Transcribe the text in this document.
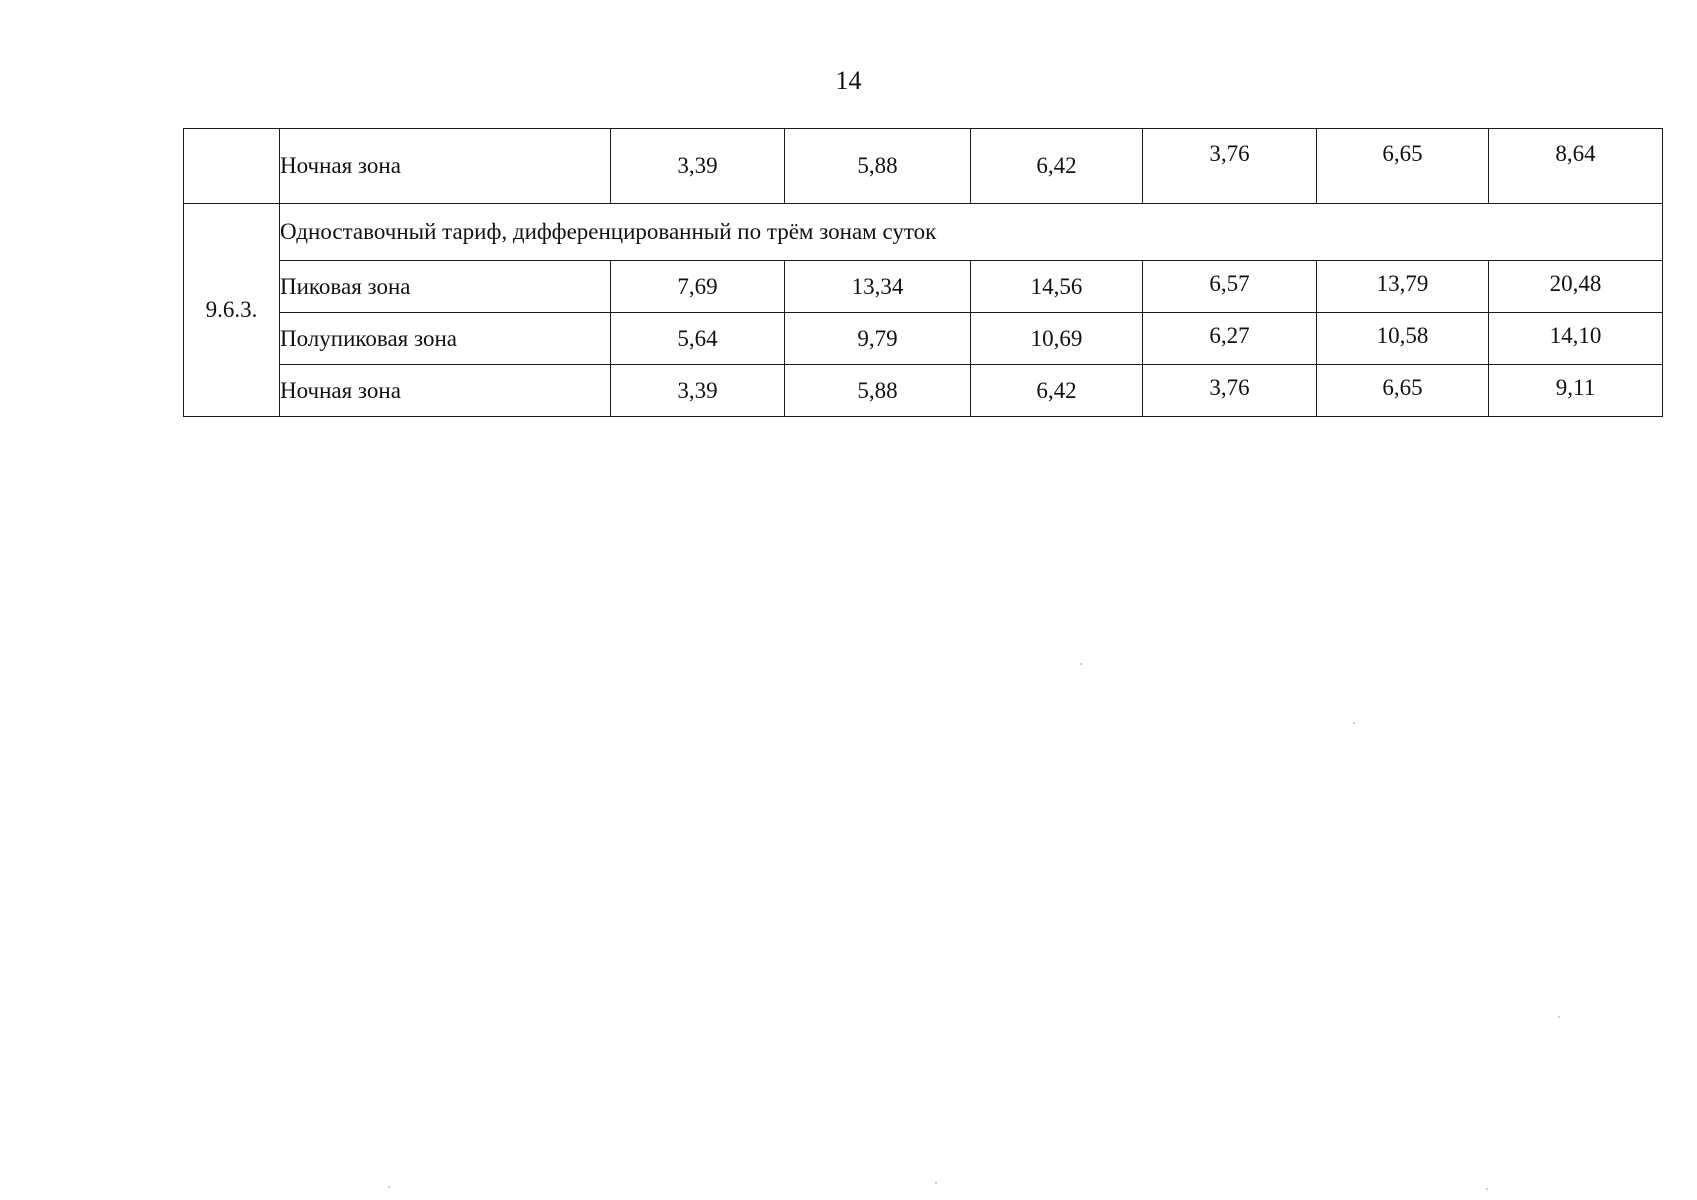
14
	Ночная зона	3,39	5,88	6,42	3,76	6,65	8,64
9.6.3.	Одноставочный тариф, дифференцированный по трём зонам суток						
	Пиковая зона	7,69	13,34	14,56	6,57	13,79	20,48
	Полупиковая зона	5,64	9,79	10,69	6,27	10,58	14,10
	Ночная зона	3,39	5,88	6,42	3,76	6,65	9,11
